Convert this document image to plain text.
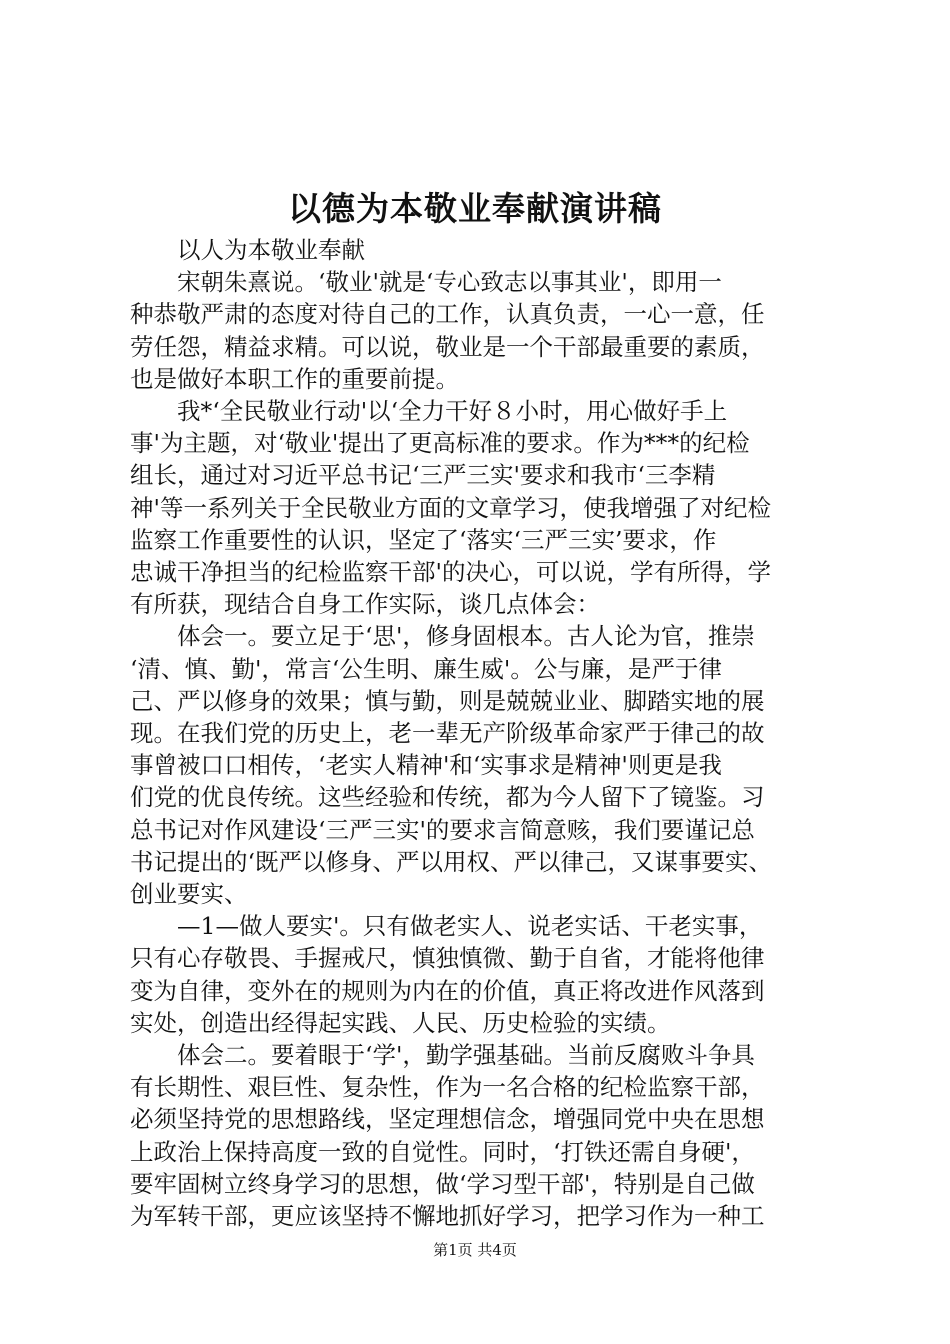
以德为本敬业奉献演讲稿

以人为本敬业奉献

宋朝朱熹说。‘敬业'就是‘专心致志以事其业'，即用一
种恭敬严肃的态度对待自己的工作，认真负责，一心一意，任
劳任怨，精益求精。可以说，敬业是一个干部最重要的素质，
也是做好本职工作的重要前提。

我*‘全民敬业行动'以‘全力干好８小时，用心做好手上
事'为主题，对‘敬业'提出了更高标准的要求。作为***的纪检
组长，通过对习近平总书记‘三严三实'要求和我市‘三李精
神'等一系列关于全民敬业方面的文章学习，使我增强了对纪检
监察工作重要性的认识，坚定了‘落实‘三严三实’要求，作
忠诚干净担当的纪检监察干部'的决心，可以说，学有所得，学
有所获，现结合自身工作实际，谈几点体会：

体会一。要立足于‘思'，修身固根本。古人论为官，推崇
‘清、慎、勤'，常言‘公生明、廉生威'。公与廉，是严于律
己、严以修身的效果；慎与勤，则是兢兢业业、脚踏实地的展
现。在我们党的历史上，老一辈无产阶级革命家严于律己的故
事曾被口口相传，‘老实人精神'和‘实事求是精神'则更是我
们党的优良传统。这些经验和传统，都为今人留下了镜鉴。习
总书记对作风建设‘三严三实'的要求言简意赅，我们要谨记总
书记提出的‘既严以修身、严以用权、严以律己，又谋事要实、
创业要实、

—1—做人要实'。只有做老实人、说老实话、干老实事，
只有心存敬畏、手握戒尺，慎独慎微、勤于自省，才能将他律
变为自律，变外在的规则为内在的价值，真正将改进作风落到
实处，创造出经得起实践、人民、历史检验的实绩。

体会二。要着眼于‘学'，勤学强基础。当前反腐败斗争具
有长期性、艰巨性、复杂性，作为一名合格的纪检监察干部，
必须坚持党的思想路线，坚定理想信念，增强同党中央在思想
上政治上保持高度一致的自觉性。同时，‘打铁还需自身硬'，
要牢固树立终身学习的思想，做‘学习型干部'，特别是自己做
为军转干部，更应该坚持不懈地抓好学习，把学习作为一种工

第1页 共4页
